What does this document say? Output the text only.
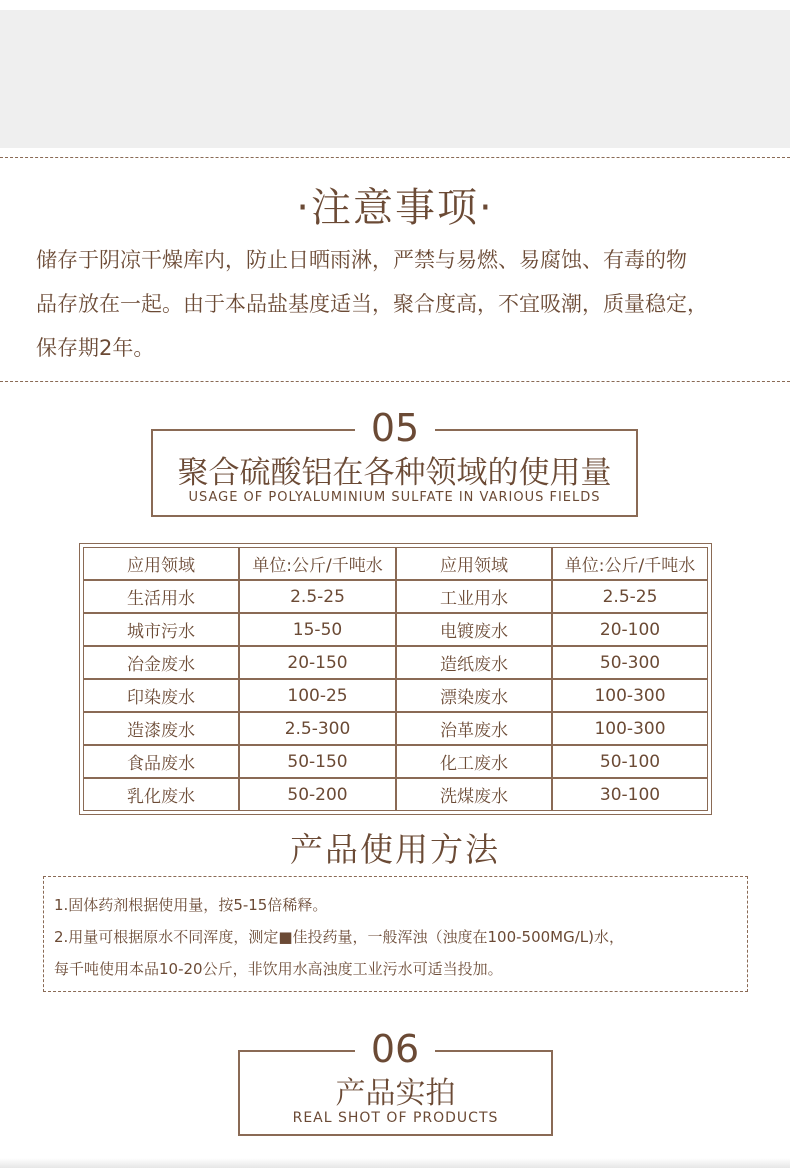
·注意事项·
储存于阴凉干燥库内，防止日晒雨淋，严禁与易燃、易腐蚀、有毒的物
品存放在一起。由于本品盐基度适当，聚合度高，不宜吸潮，质量稳定，
保存期2年。
05
聚合硫酸铝在各种领域的使用量
USAGE OF POLYALUMINIUM SULFATE IN VARIOUS FIELDS
应用领域	单位:公斤/千吨水	应用领域	单位:公斤/千吨水
生活用水	2.5-25	工业用水	2.5-25
城市污水	15-50	电镀废水	20-100
冶金废水	20-150	造纸废水	50-300
印染废水	100-25	漂染废水	100-300
造漆废水	2.5-300	治革废水	100-300
食品废水	50-150	化工废水	50-100
乳化废水	50-200	洗煤废水	30-100
产品使用方法
1.固体药剂根据使用量，按5-15倍稀释。
2.用量可根据原水不同浑度，测定■佳投药量，一般浑浊（浊度在100-500MG/L)水，
每千吨使用本品10-20公斤，非饮用水高浊度工业污水可适当投加。
06
产品实拍
REAL SHOT OF PRODUCTS
